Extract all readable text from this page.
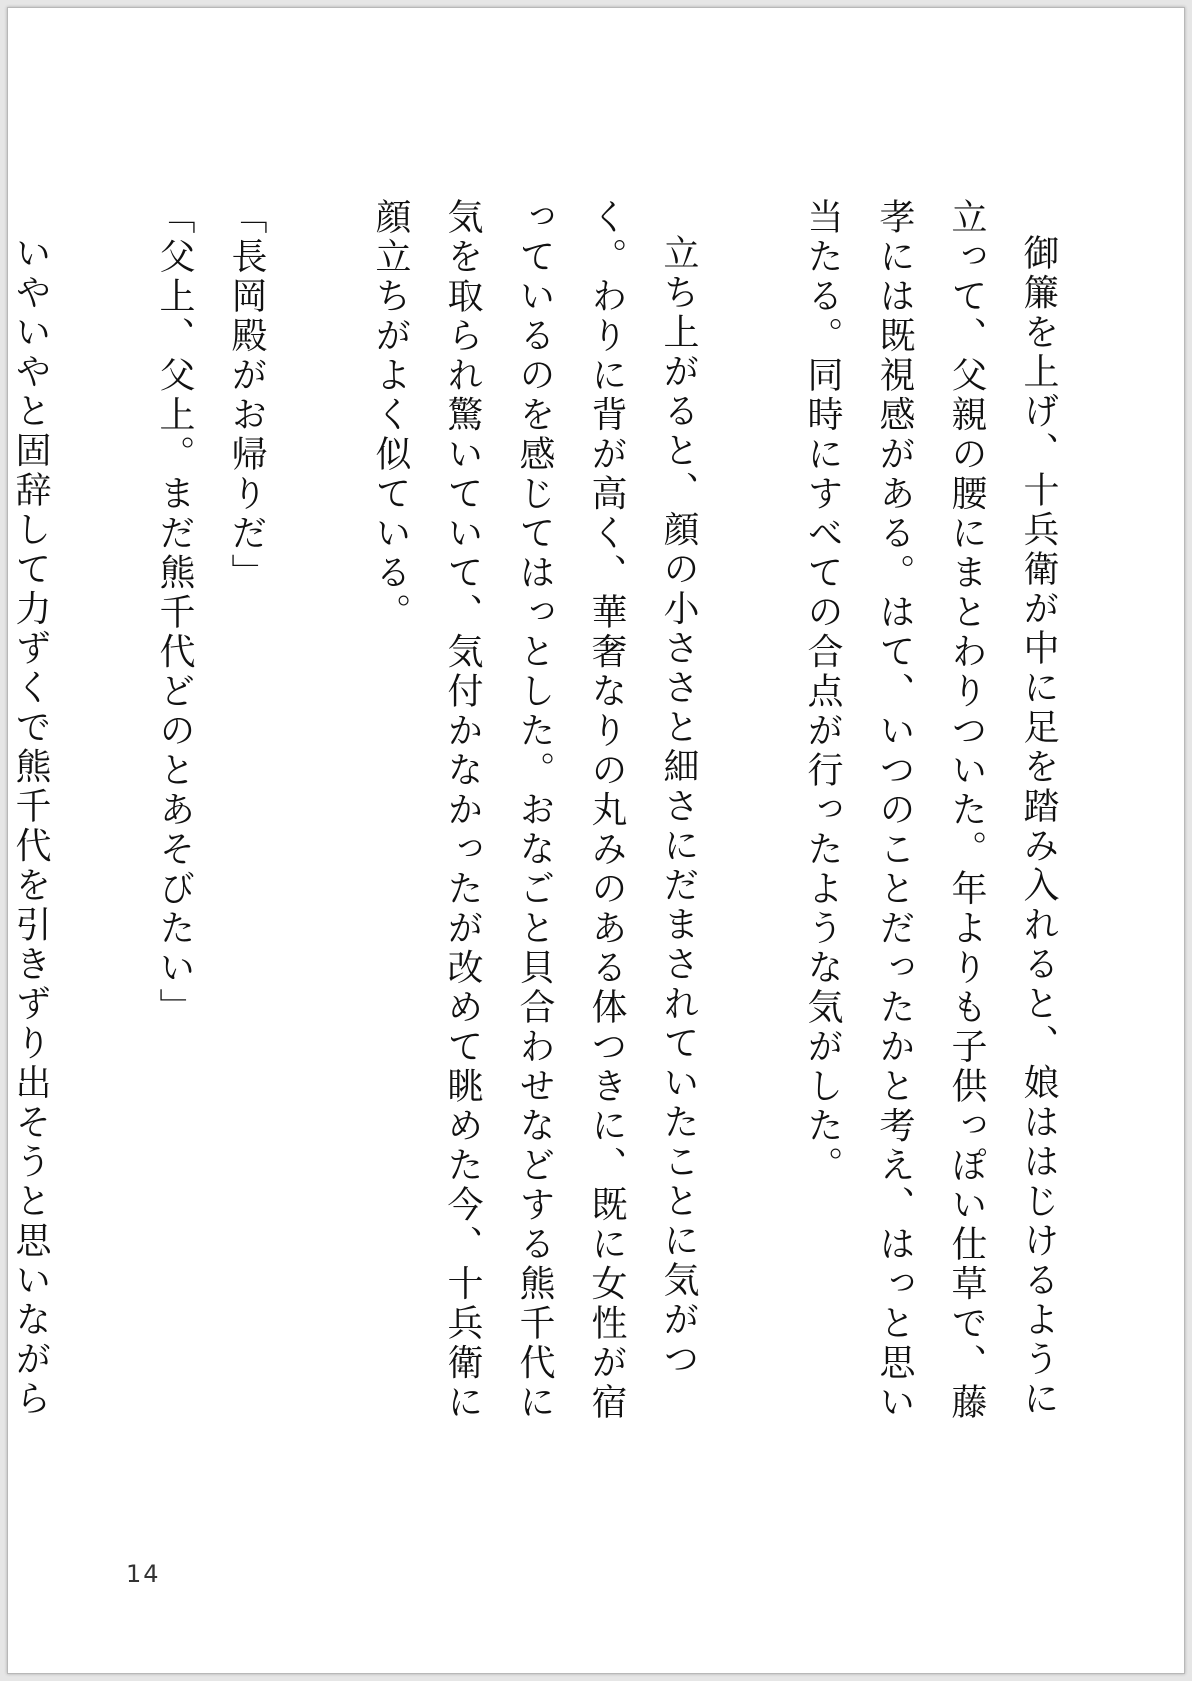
御簾を上げ、十兵衛が中に足を踏み入れると、娘ははじけるように立って、父親の腰にまとわりついた。年よりも子供っぽい仕草で、藤孝には既視感がある。はて、いつのことだったかと考え、はっと思い当たる。同時にすべての合点が行ったような気がした。

立ち上がると、顔の小ささと細さにだまされていたことに気がつく。わりに背が高く、華奢なりの丸みのある体つきに、既に女性が宿っているのを感じてはっとした。おなごと貝合わせなどする熊千代に気を取られ驚いていて、気付かなかったが改めて眺めた今、十兵衛に顔立ちがよく似ている。

「長岡殿がお帰りだ」

「父上、父上。まだ熊千代どのとあそびたい」

いやいやと固辞して力ずくで熊千代を引きずり出そうと思いながら

14
